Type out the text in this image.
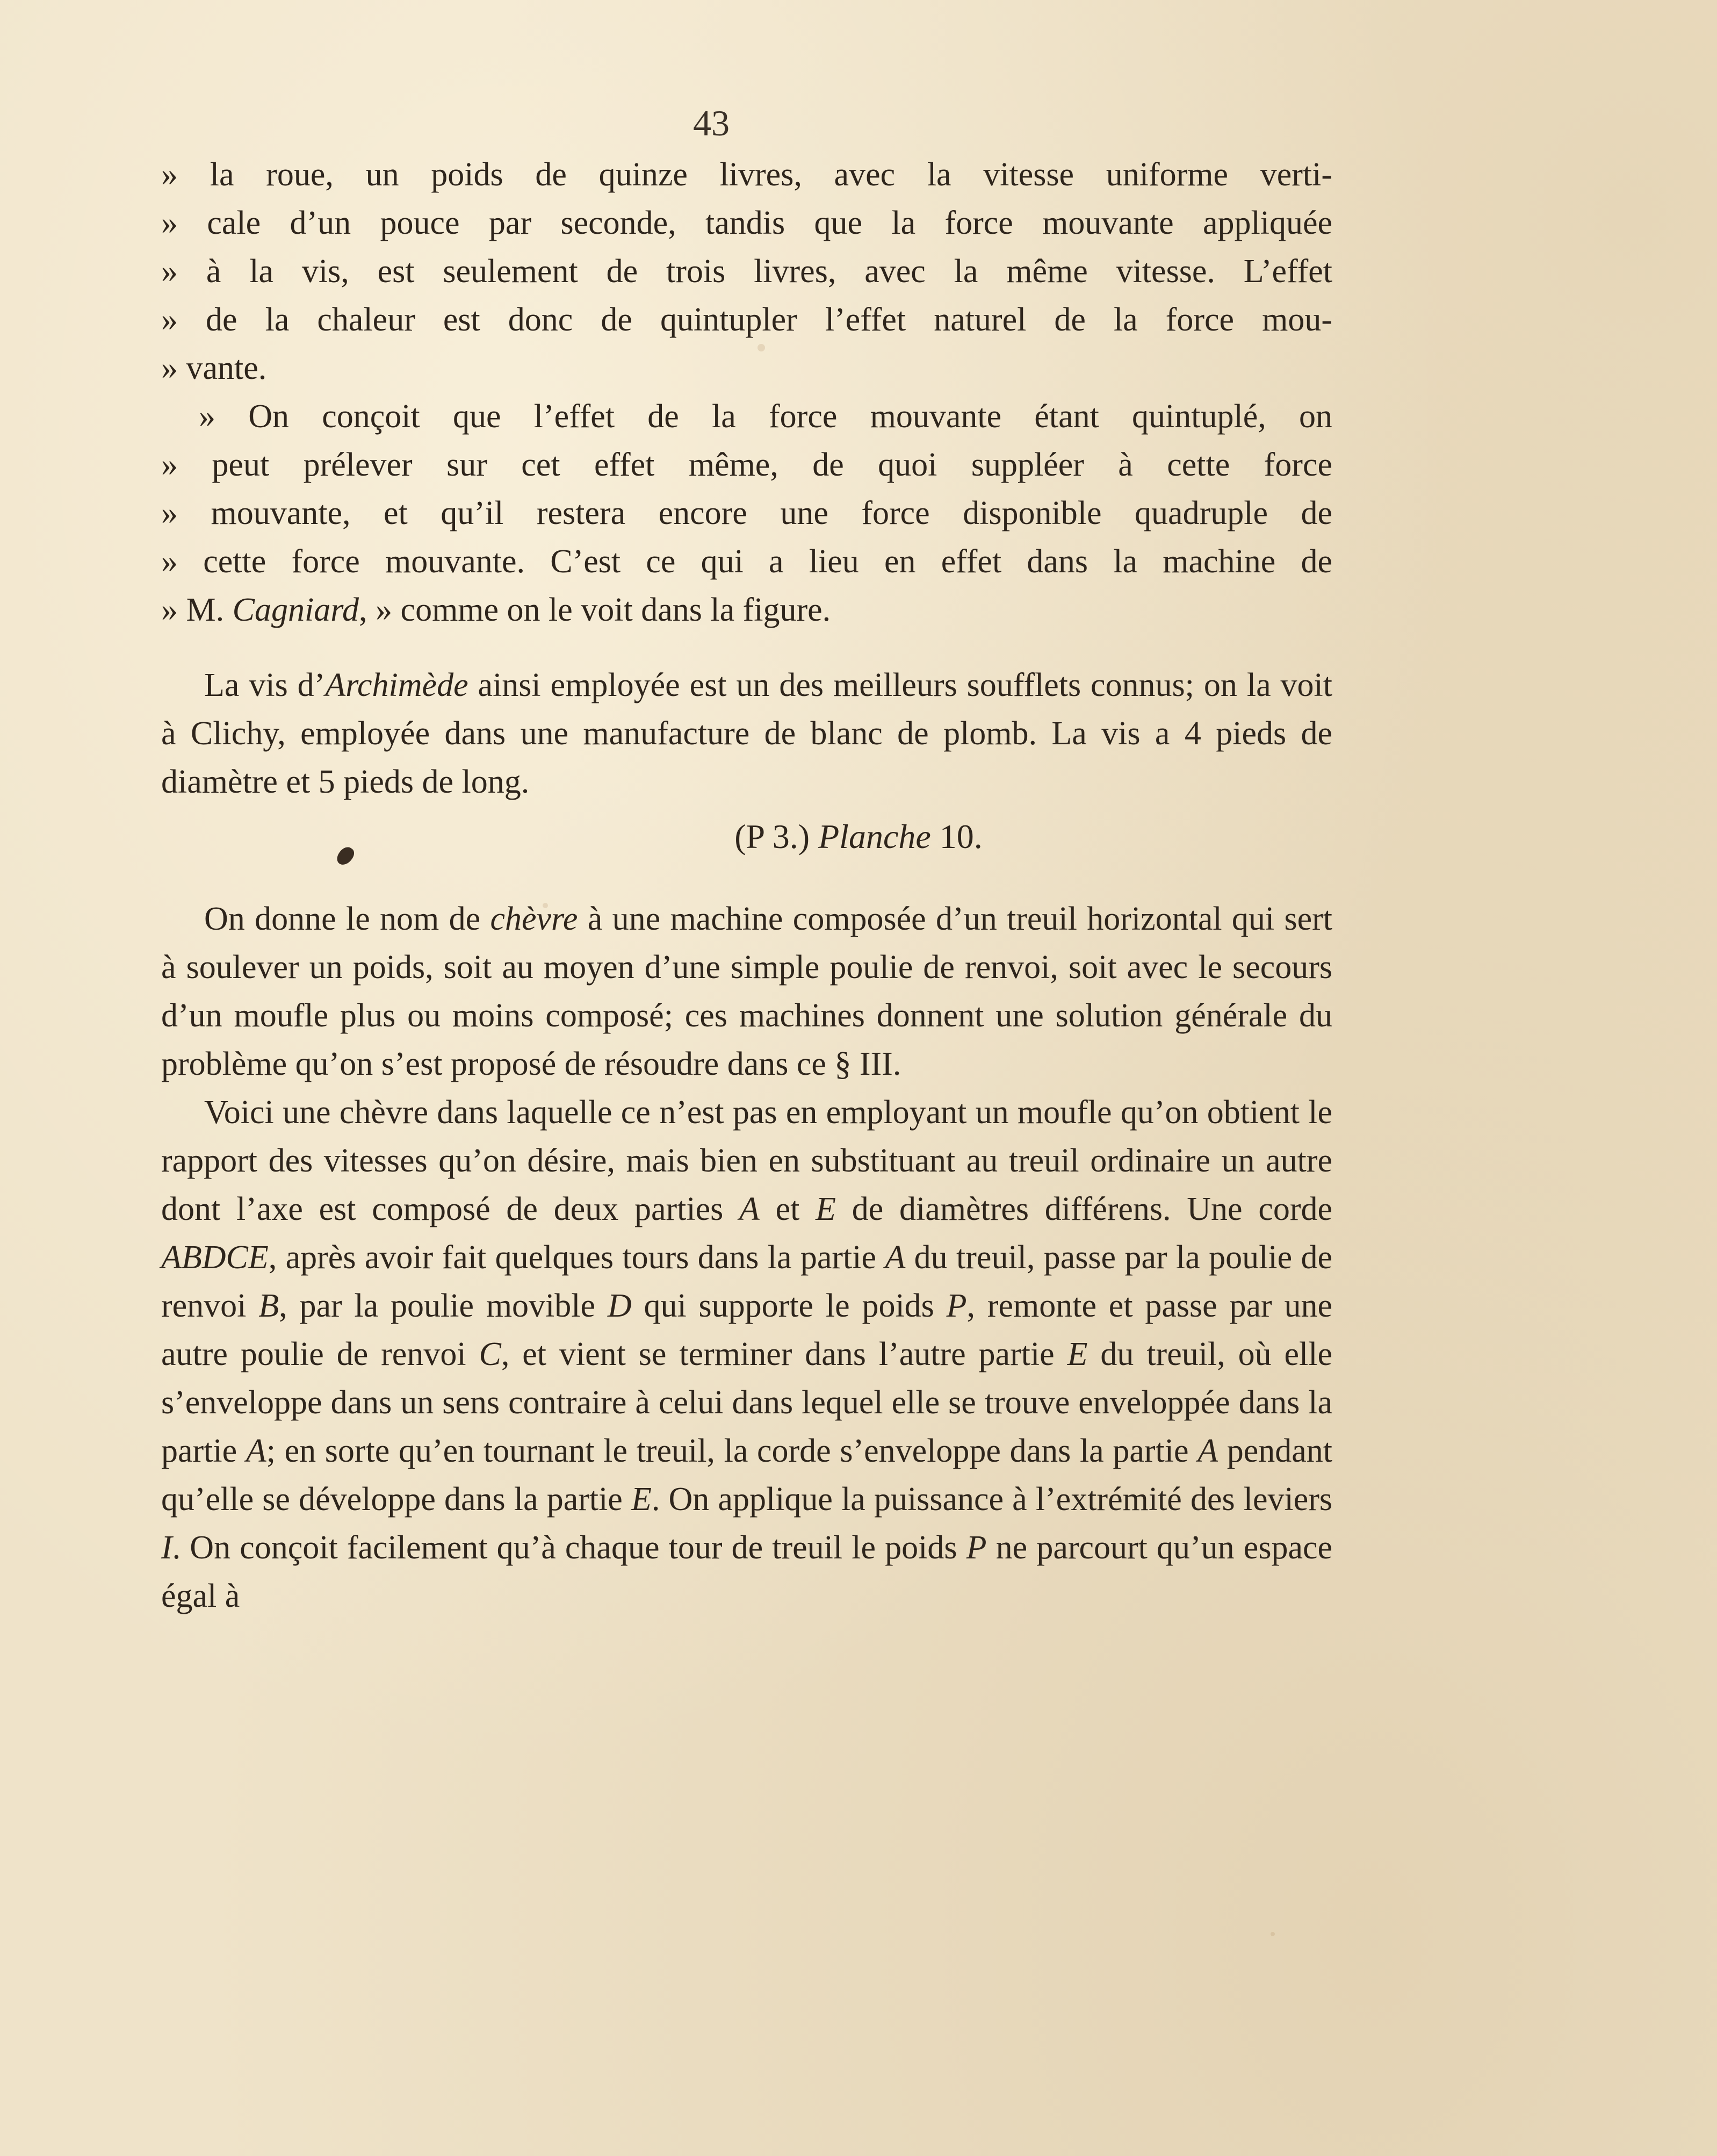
43

» la roue, un poids de quinze livres, avec la vitesse uniforme verti-
» cale d’un pouce par seconde, tandis que la force mouvante appliquée
» à la vis, est seulement de trois livres, avec la même vitesse. L’effet
» de la chaleur est donc de quintupler l’effet naturel de la force mou-
» vante.
» On conçoit que l’effet de la force mouvante étant quintuplé, on
» peut prélever sur cet effet même, de quoi suppléer à cette force
» mouvante, et qu’il restera encore une force disponible quadruple de
» cette force mouvante. C’est ce qui a lieu en effet dans la machine de
» M. Cagniard, » comme on le voit dans la figure.

La vis d’Archimède ainsi employée est un des meilleurs soufflets connus; on la voit à Clichy, employée dans une manufacture de blanc de plomb. La vis a 4 pieds de diamètre et 5 pieds de long.

(P 3.) Planche 10.

On donne le nom de chèvre à une machine composée d’un treuil horizontal qui sert à soulever un poids, soit au moyen d’une simple poulie de renvoi, soit avec le secours d’un moufle plus ou moins composé; ces machines donnent une solution générale du problème qu’on s’est proposé de résoudre dans ce § III.

Voici une chèvre dans laquelle ce n’est pas en employant un moufle qu’on obtient le rapport des vitesses qu’on désire, mais bien en substituant au treuil ordinaire un autre dont l’axe est composé de deux parties A et E de diamètres différens. Une corde ABDCE, après avoir fait quelques tours dans la partie A du treuil, passe par la poulie de renvoi B, par la poulie movible D qui supporte le poids P, remonte et passe par une autre poulie de renvoi C, et vient se terminer dans l’autre partie E du treuil, où elle s’enveloppe dans un sens contraire à celui dans lequel elle se trouve enveloppée dans la partie A; en sorte qu’en tournant le treuil, la corde s’enveloppe dans la partie A pendant qu’elle se développe dans la partie E. On applique la puissance à l’extrémité des leviers I. On conçoit facilement qu’à chaque tour de treuil le poids P ne parcourt qu’un espace égal à
